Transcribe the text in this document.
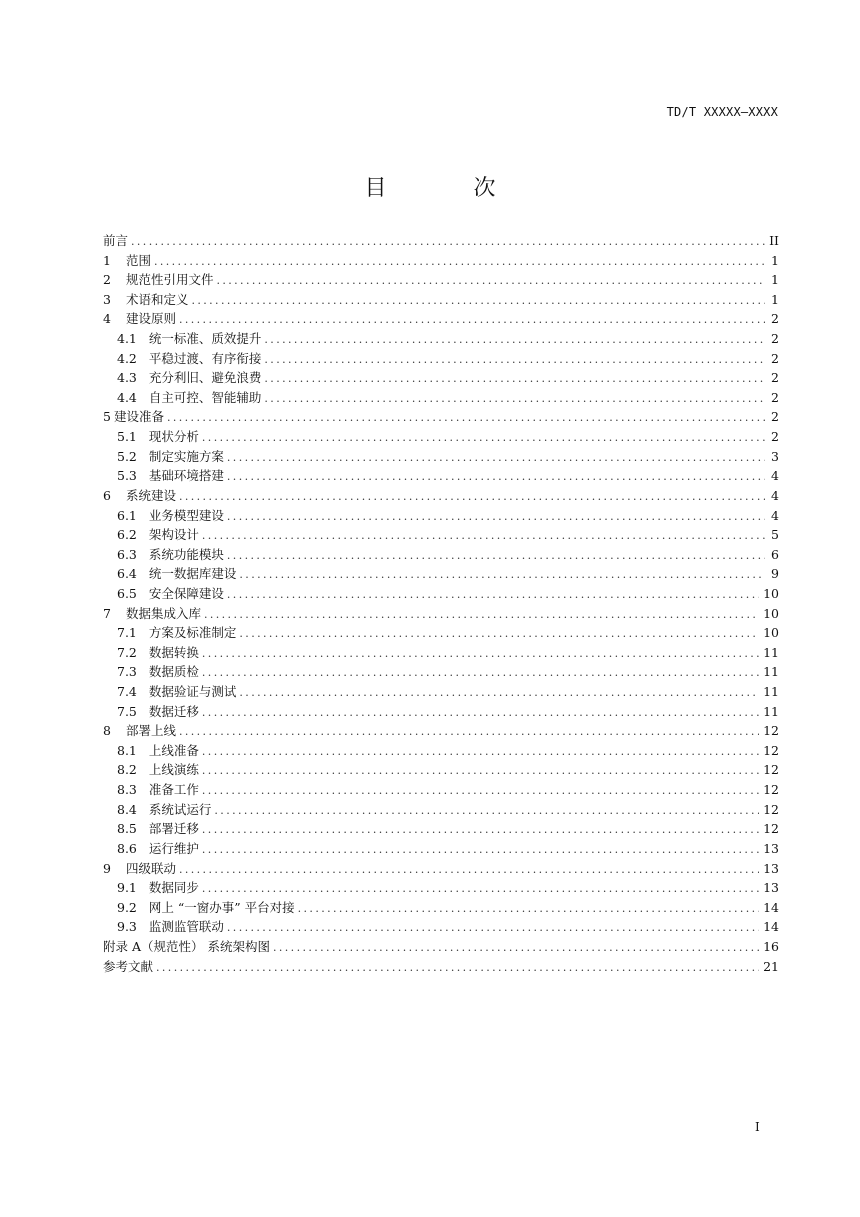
TD/T XXXXX—XXXX
目 次
前言 .....	II
1 范围 .....	1
2 规范性引用文件 .....	1
3 术语和定义 .....	1
4 建设原则 .....	2
4.1 统一标准、质效提升 .....	2
4.2 平稳过渡、有序衔接 .....	2
4.3 充分利旧、避免浪费 .....	2
4.4 自主可控、智能辅助 .....	2
5 建设准备 .....	2
5.1 现状分析 .....	2
5.2 制定实施方案 .....	3
5.3 基础环境搭建 .....	4
6 系统建设 .....	4
6.1 业务模型建设 .....	4
6.2 架构设计 .....	5
6.3 系统功能模块 .....	6
6.4 统一数据库建设 .....	9
6.5 安全保障建设 .....	10
7 数据集成入库 .....	10
7.1 方案及标准制定 .....	10
7.2 数据转换 .....	11
7.3 数据质检 .....	11
7.4 数据验证与测试 .....	11
7.5 数据迁移 .....	11
8 部署上线 .....	12
8.1 上线准备 .....	12
8.2 上线演练 .....	12
8.3 准备工作 .....	12
8.4 系统试运行 .....	12
8.5 部署迁移 .....	12
8.6 运行维护 .....	13
9 四级联动 .....	13
9.1 数据同步 .....	13
9.2 网上 “一窗办事” 平台对接 .....	14
9.3 监测监管联动 .....	14
附录 A（规范性） 系统架构图 .....	16
参考文献 .....	21
I
